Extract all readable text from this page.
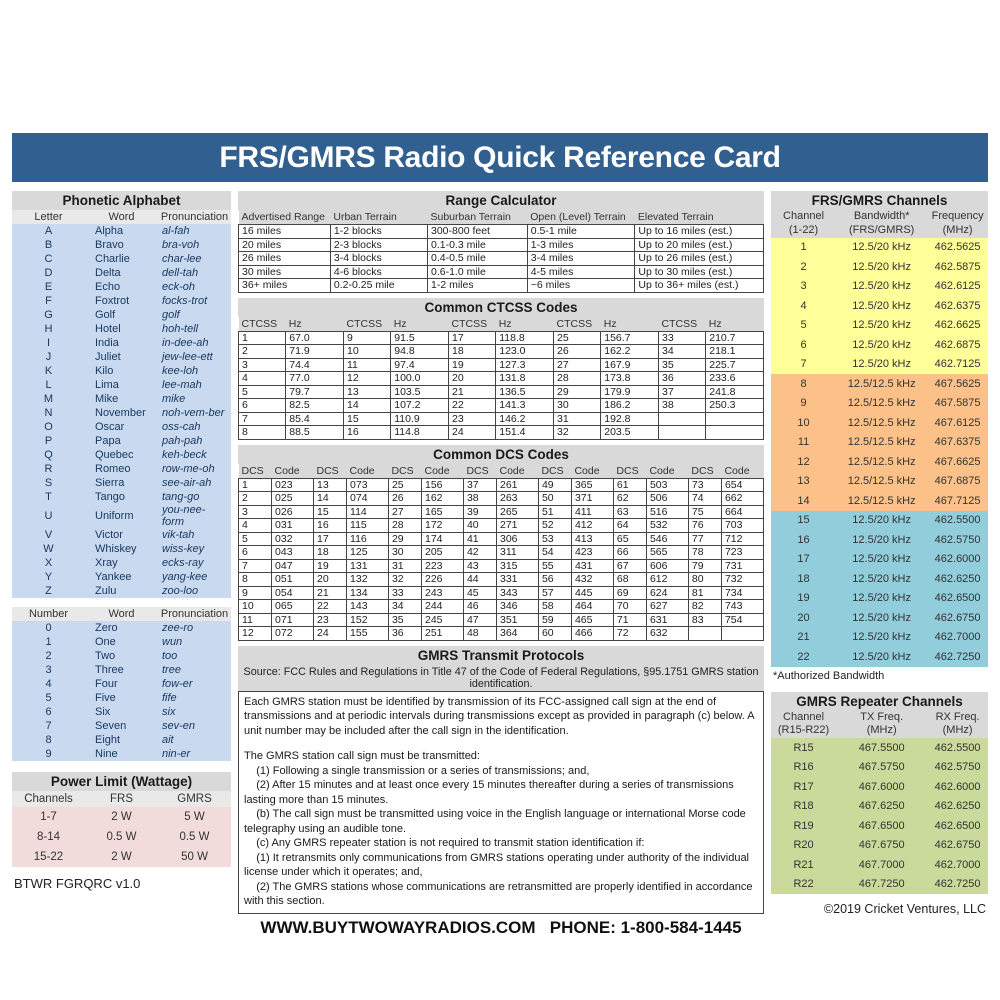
FRS/GMRS Radio Quick Reference Card
Phonetic Alphabet
Letter	Word	Pronunciation
A	Alpha	al-fah
B	Bravo	bra-voh
C	Charlie	char-lee
D	Delta	dell-tah
E	Echo	eck-oh
F	Foxtrot	focks-trot
G	Golf	golf
H	Hotel	hoh-tell
I	India	in-dee-ah
J	Juliet	jew-lee-ett
K	Kilo	kee-loh
L	Lima	lee-mah
M	Mike	mike
N	November	noh-vem-ber
O	Oscar	oss-cah
P	Papa	pah-pah
Q	Quebec	keh-beck
R	Romeo	row-me-oh
S	Sierra	see-air-ah
T	Tango	tang-go
U	Uniform	you-nee-form
V	Victor	vik-tah
W	Whiskey	wiss-key
X	Xray	ecks-ray
Y	Yankee	yang-kee
Z	Zulu	zoo-loo
Number	Word	Pronunciation
0	Zero	zee-ro
1	One	wun
2	Two	too
3	Three	tree
4	Four	fow-er
5	Five	fife
6	Six	six
7	Seven	sev-en
8	Eight	ait
9	Nine	nin-er
Power Limit (Wattage)
Channels	FRS	GMRS
1-7	2 W	5 W
8-14	0.5 W	0.5 W
15-22	2 W	50 W
BTWR FGRQRC v1.0
Range Calculator
Advertised Range	Urban Terrain	Suburban Terrain	Open (Level) Terrain	Elevated Terrain
16 miles	1-2 blocks	300-800 feet	0.5-1 mile	Up to 16 miles (est.)
20 miles	2-3 blocks	0.1-0.3 mile	1-3 miles	Up to 20 miles (est.)
26 miles	3-4 blocks	0.4-0.5 mile	3-4 miles	Up to 26 miles (est.)
30 miles	4-6 blocks	0.6-1.0 mile	4-5 miles	Up to 30 miles (est.)
36+ miles	0.2-0.25 mile	1-2 miles	~6 miles	Up to 36+ miles (est.)
Common CTCSS Codes
CTCSS	Hz	CTCSS	Hz	CTCSS	Hz	CTCSS	Hz	CTCSS	Hz
1	67.0	9	91.5	17	118.8	25	156.7	33	210.7
2	71.9	10	94.8	18	123.0	26	162.2	34	218.1
3	74.4	11	97.4	19	127.3	27	167.9	35	225.7
4	77.0	12	100.0	20	131.8	28	173.8	36	233.6
5	79.7	13	103.5	21	136.5	29	179.9	37	241.8
6	82.5	14	107.2	22	141.3	30	186.2	38	250.3
7	85.4	15	110.9	23	146.2	31	192.8		
8	88.5	16	114.8	24	151.4	32	203.5		
Common DCS Codes
DCS	Code	DCS	Code	DCS	Code	DCS	Code	DCS	Code	DCS	Code	DCS	Code
1	023	13	073	25	156	37	261	49	365	61	503	73	654
2	025	14	074	26	162	38	263	50	371	62	506	74	662
3	026	15	114	27	165	39	265	51	411	63	516	75	664
4	031	16	115	28	172	40	271	52	412	64	532	76	703
5	032	17	116	29	174	41	306	53	413	65	546	77	712
6	043	18	125	30	205	42	311	54	423	66	565	78	723
7	047	19	131	31	223	43	315	55	431	67	606	79	731
8	051	20	132	32	226	44	331	56	432	68	612	80	732
9	054	21	134	33	243	45	343	57	445	69	624	81	734
10	065	22	143	34	244	46	346	58	464	70	627	82	743
11	071	23	152	35	245	47	351	59	465	71	631	83	754
12	072	24	155	36	251	48	364	60	466	72	632		
GMRS Transmit Protocols
Source: FCC Rules and Regulations in Title 47 of the Code of Federal Regulations, §95.1751 GMRS station identification.
Each GMRS station must be identified by transmission of its FCC-assigned call sign at the end of transmissions and at periodic intervals during transmissions except as provided in paragraph (c) below. A unit number may be included after the call sign in the identification.
The GMRS station call sign must be transmitted:
(1) Following a single transmission or a series of transmissions; and,
(2) After 15 minutes and at least once every 15 minutes thereafter during a series of transmissions lasting more than 15 minutes.
(b) The call sign must be transmitted using voice in the English language or international Morse code telegraphy using an audible tone.
(c) Any GMRS repeater station is not required to transmit station identification if:
(1) It retransmits only communications from GMRS stations operating under authority of the individual license under which it operates; and,
(2) The GMRS stations whose communications are retransmitted are properly identified in accordance with this section.
WWW.BUYTWOWAYRADIOS.COM PHONE: 1-800-584-1445
FRS/GMRS Channels
Channel	Bandwidth*	Frequency
(1-22)	(FRS/GMRS)	(MHz)
1	12.5/20 kHz	462.5625
2	12.5/20 kHz	462.5875
3	12.5/20 kHz	462.6125
4	12.5/20 kHz	462.6375
5	12.5/20 kHz	462.6625
6	12.5/20 kHz	462.6875
7	12.5/20 kHz	462.7125
8	12.5/12.5 kHz	467.5625
9	12.5/12.5 kHz	467.5875
10	12.5/12.5 kHz	467.6125
11	12.5/12.5 kHz	467.6375
12	12.5/12.5 kHz	467.6625
13	12.5/12.5 kHz	467.6875
14	12.5/12.5 kHz	467.7125
15	12.5/20 kHz	462.5500
16	12.5/20 kHz	462.5750
17	12.5/20 kHz	462.6000
18	12.5/20 kHz	462.6250
19	12.5/20 kHz	462.6500
20	12.5/20 kHz	462.6750
21	12.5/20 kHz	462.7000
22	12.5/20 kHz	462.7250
*Authorized Bandwidth
GMRS Repeater Channels
Channel	TX Freq.	RX Freq.
(R15-R22)	(MHz)	(MHz)
R15	467.5500	462.5500
R16	467.5750	462.5750
R17	467.6000	462.6000
R18	467.6250	462.6250
R19	467.6500	462.6500
R20	467.6750	462.6750
R21	467.7000	462.7000
R22	467.7250	462.7250
©2019 Cricket Ventures, LLC
